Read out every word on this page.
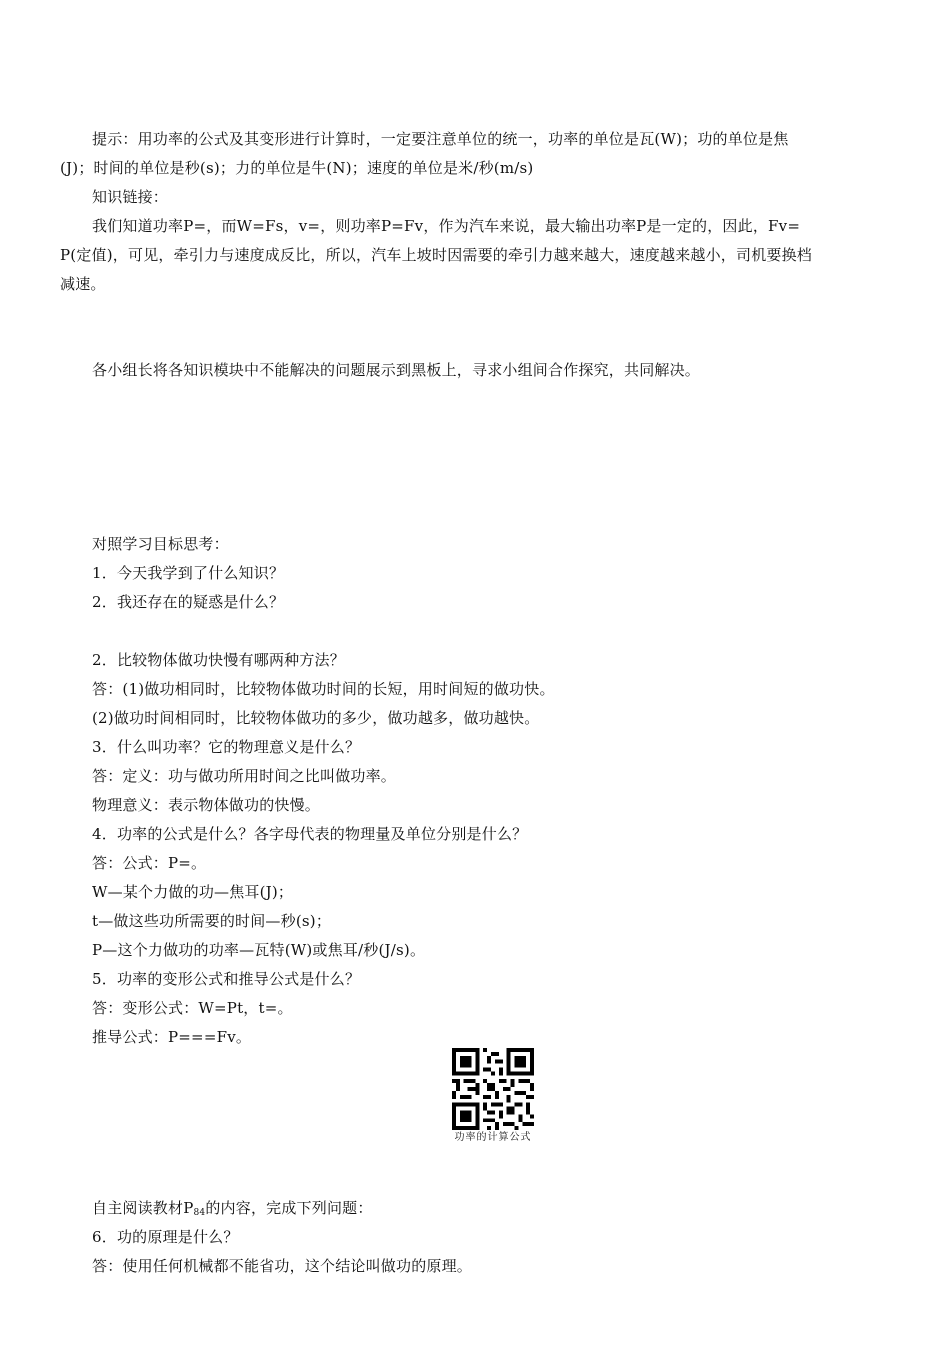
提示：用功率的公式及其变形进行计算时，一定要注意单位的统一，功率的单位是瓦(W)；功的单位是焦
(J)；时间的单位是秒(s)；力的单位是牛(N)；速度的单位是米/秒(m/s)
知识链接：
我们知道功率P=，而W=Fs，v=，则功率P=Fv，作为汽车来说，最大输出功率P是一定的，因此，Fv=
P(定值)，可见，牵引力与速度成反比，所以，汽车上坡时因需要的牵引力越来越大，速度越来越小，司机要换档
减速。
各小组长将各知识模块中不能解决的问题展示到黑板上，寻求小组间合作探究，共同解决。
对照学习目标思考：
1．今天我学到了什么知识？
2．我还存在的疑惑是什么？
2．比较物体做功快慢有哪两种方法？
答：(1)做功相同时，比较物体做功时间的长短，用时间短的做功快。
(2)做功时间相同时，比较物体做功的多少，做功越多，做功越快。
3．什么叫功率？它的物理意义是什么？
答：定义：功与做功所用时间之比叫做功率。
物理意义：表示物体做功的快慢。
4．功率的公式是什么？各字母代表的物理量及单位分别是什么？
答：公式：P=。
W—某个力做的功—焦耳(J)；
t—做这些功所需要的时间—秒(s)；
P—这个力做功的功率—瓦特(W)或焦耳/秒(J/s)。
5．功率的变形公式和推导公式是什么？
答：变形公式：W=Pt，t=。
推导公式：P===Fv。
功率的计算公式
自主阅读教材$P_{84}$的内容，完成下列问题：
6．功的原理是什么？
答：使用任何机械都不能省功，这个结论叫做功的原理。
